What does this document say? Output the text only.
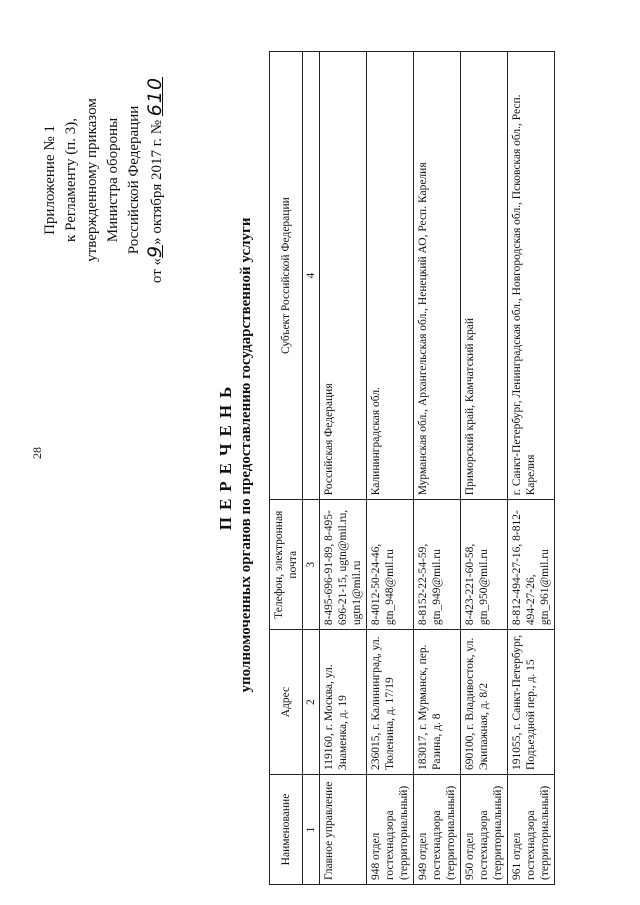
28
Приложение № 1 к Регламенту (п. 3), утвержденному приказом Министра обороны Российской Федерации
от «9» октября 2017 г. № 610
ПЕРЕЧЕНЬ уполномоченных органов по предоставлению государственной услуги
Наименование	Адрес	Телефон, электронная почта	Субъект Российской Федерации
1	2	3	4
Главное управление	119160, г. Москва, ул. Знаменка, д. 19	8-495-696-91-89, 8-495-696-21-15, ugtn@mil.ru, ugtn1@mil.ru	Российская Федерация
948 отдел гостехнадзора (территориальный)	236015, г. Калининград, ул. Тюленина, д. 17/19	8-4012-50-24-46, gtn_948@mil.ru	Калининградская обл.
949 отдел гостехнадзора (территориальный)	183017, г. Мурманск, пер. Разина, д. 8	8-8152-22-54-59, gtn_949@mil.ru	Мурманская обл., Архангельская обл., Ненецкий АО, Респ. Карелия
950 отдел гостехнадзора (территориальный)	690100, г. Владивосток, ул. Экипажная, д. 8/2	8-423-221-60-58, gtn_950@mil.ru	Приморский край, Камчатский край
961 отдел гостехнадзора (территориальный)	191055, г. Санкт-Петербург, Подъездной пер., д. 15	8-812-494-27-16, 8-812-494-27-26, gtn_961@mil.ru	г. Санкт-Петербург, Ленинградская обл., Новгородская обл., Псковская обл., Респ. Карелия
